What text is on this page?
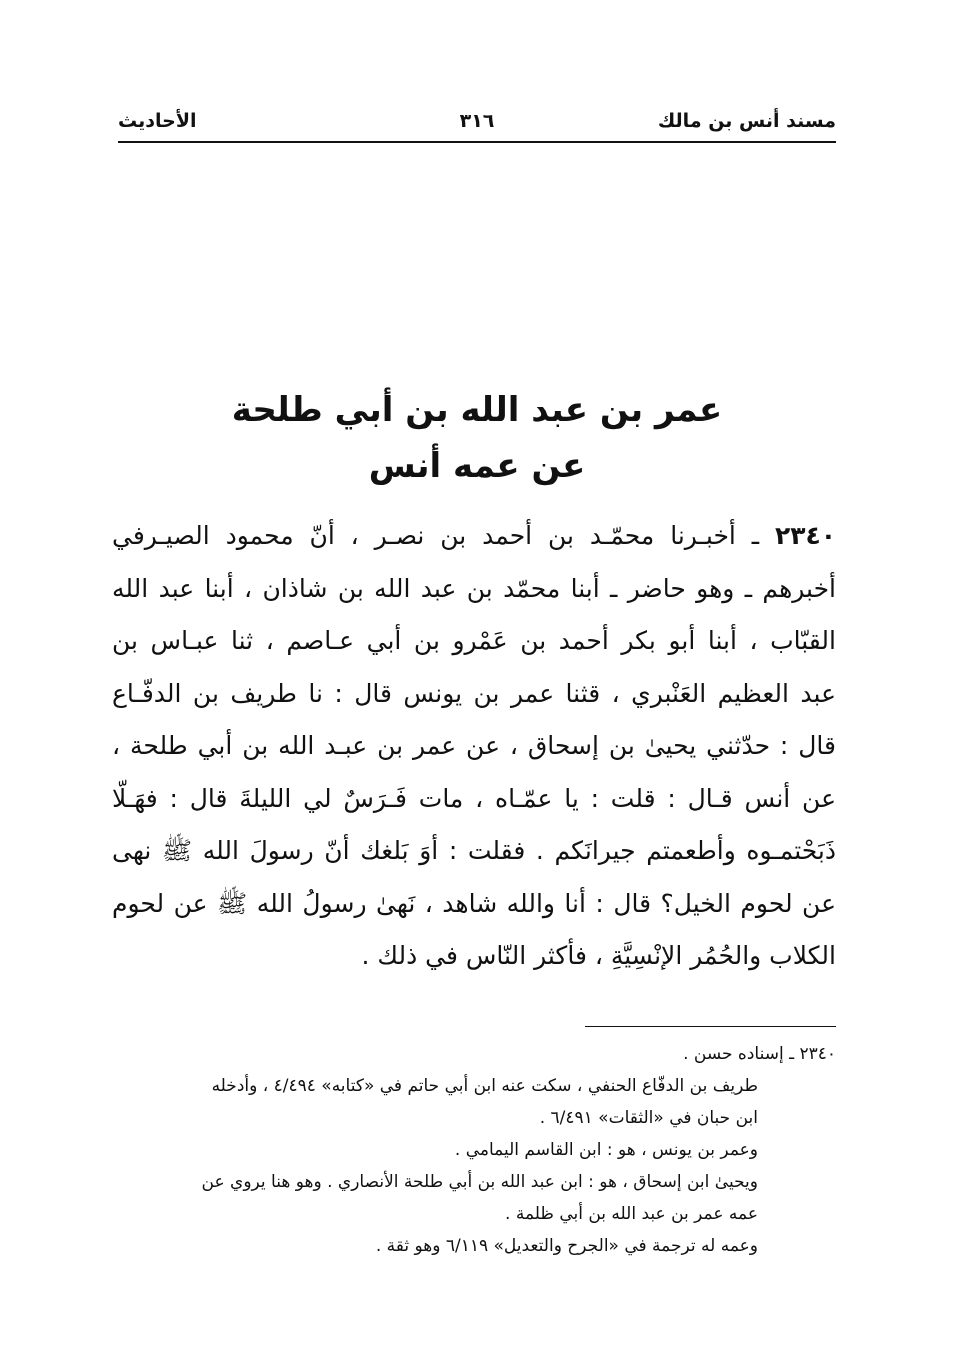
مسند أنس بن مالك
٣١٦
الأحاديث
عمر بن عبد الله بن أبي طلحة
عن عمه أنس
٢٣٤٠ ـ أخبـرنا محمّـد بن أحمد بن نصـر ، أنّ محمود الصيـرفي
أخبرهم ـ وهو حاضر ـ أبنا محمّد بن عبد الله بن شاذان ، أبنا عبد الله
القبّاب ، أبنا أبو بكر أحمد بن عَمْرو بن أبي عـاصم ، ثنا عبـاس بن
عبد العظيم العَنْبري ، قثنا عمر بن يونس قال : نا طريف بن الدفّـاع
قال : حدّثني يحيىٰ بن إسحاق ، عن عمر بن عبـد الله بن أبي طلحة ،
عن أنس قـال : قلت : يا عمّـاه ، مات فَـرَسٌ لي الليلةَ قال : فهَـلّا
ذَبَحْتمـوه وأطعمتم جيرانَكم . فقلت : أوَ بَلغك أنّ رسولَ الله ﷺ نهى
عن لحوم الخيل؟ قال : أنا والله شاهد ، نَهىٰ رسولُ الله ﷺ عن لحوم
الكلاب والحُمُر الإنْسِيَّةِ ، فأكثر النّاس في ذلك .
٢٣٤٠ ـ إسناده حسن .
طريف بن الدفّاع الحنفي ، سكت عنه ابن أبي حاتم في «كتابه» ٤/٤٩٤ ، وأدخله
ابن حبان في «الثقات» ٦/٤٩١ .
وعمر بن يونس ، هو : ابن القاسم اليمامي .
ويحيىٰ ابن إسحاق ، هو : ابن عبد الله بن أبي طلحة الأنصاري . وهو هنا يروي عن
عمه عمر بن عبد الله بن أبي ظلمة .
وعمه له ترجمة في «الجرح والتعديل» ٦/١١٩ وهو ثقة .
